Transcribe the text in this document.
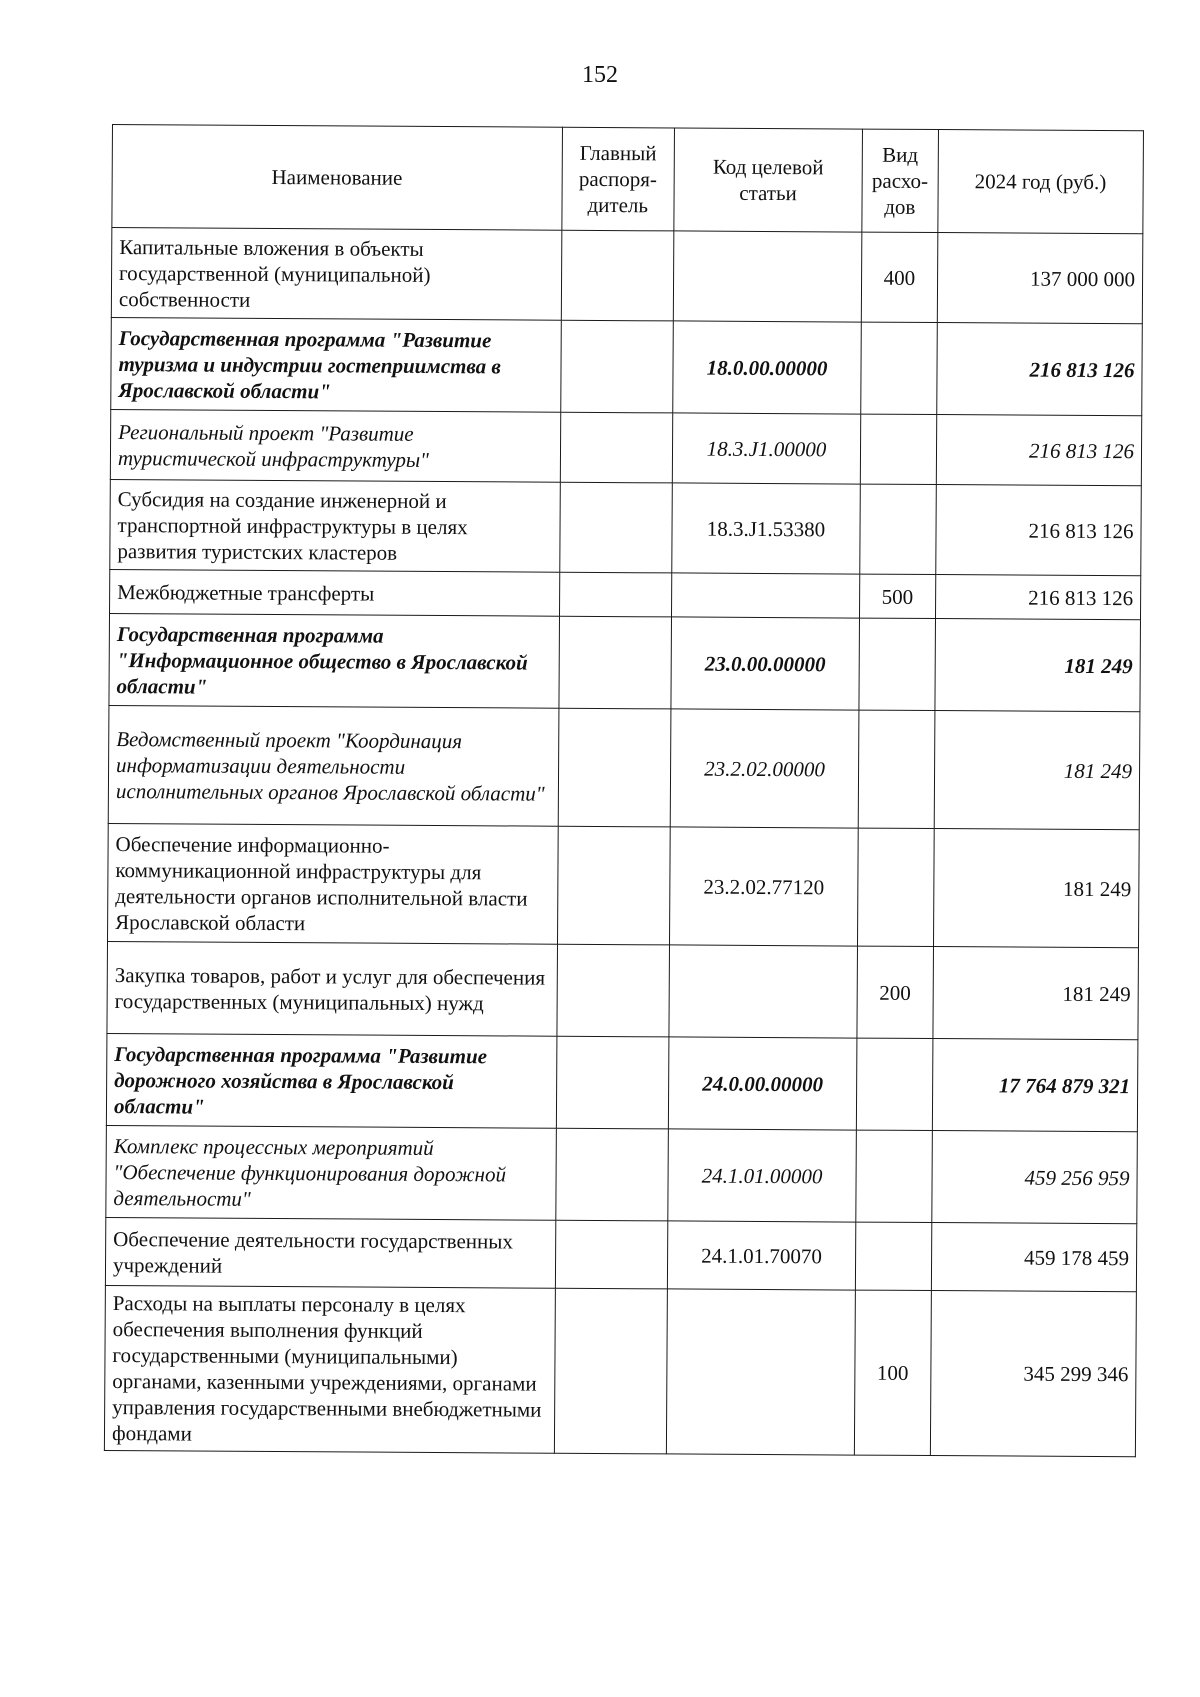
152
Наименование	Главный распоря-дитель	Код целевой статьи	Вид расхо-дов	2024 год (руб.)
Капитальные вложения в объекты государственной (муниципальной) собственности			400	137 000 000
Государственная программа "Развитие туризма и индустрии гостеприимства в Ярославской области"		18.0.00.00000		216 813 126
Региональный проект "Развитие туристической инфраструктуры"		18.3.J1.00000		216 813 126
Субсидия на создание инженерной и транспортной инфраструктуры в целях развития туристских кластеров		18.3.J1.53380		216 813 126
Межбюджетные трансферты			500	216 813 126
Государственная программа "Информационное общество в Ярославской области"		23.0.00.00000		181 249
Ведомственный проект "Координация информатизации деятельности исполнительных органов Ярославской области"		23.2.02.00000		181 249
Обеспечение информационно-коммуникационной инфраструктуры для деятельности органов исполнительной власти Ярославской области		23.2.02.77120		181 249
Закупка товаров, работ и услуг для обеспечения государственных (муниципальных) нужд			200	181 249
Государственная программа "Развитие дорожного хозяйства в Ярославской области"		24.0.00.00000		17 764 879 321
Комплекс процессных мероприятий "Обеспечение функционирования дорожной деятельности"		24.1.01.00000		459 256 959
Обеспечение деятельности государственных учреждений		24.1.01.70070		459 178 459
Расходы на выплаты персоналу в целях обеспечения выполнения функций государственными (муниципальными) органами, казенными учреждениями, органами управления государственными внебюджетными фондами			100	345 299 346
